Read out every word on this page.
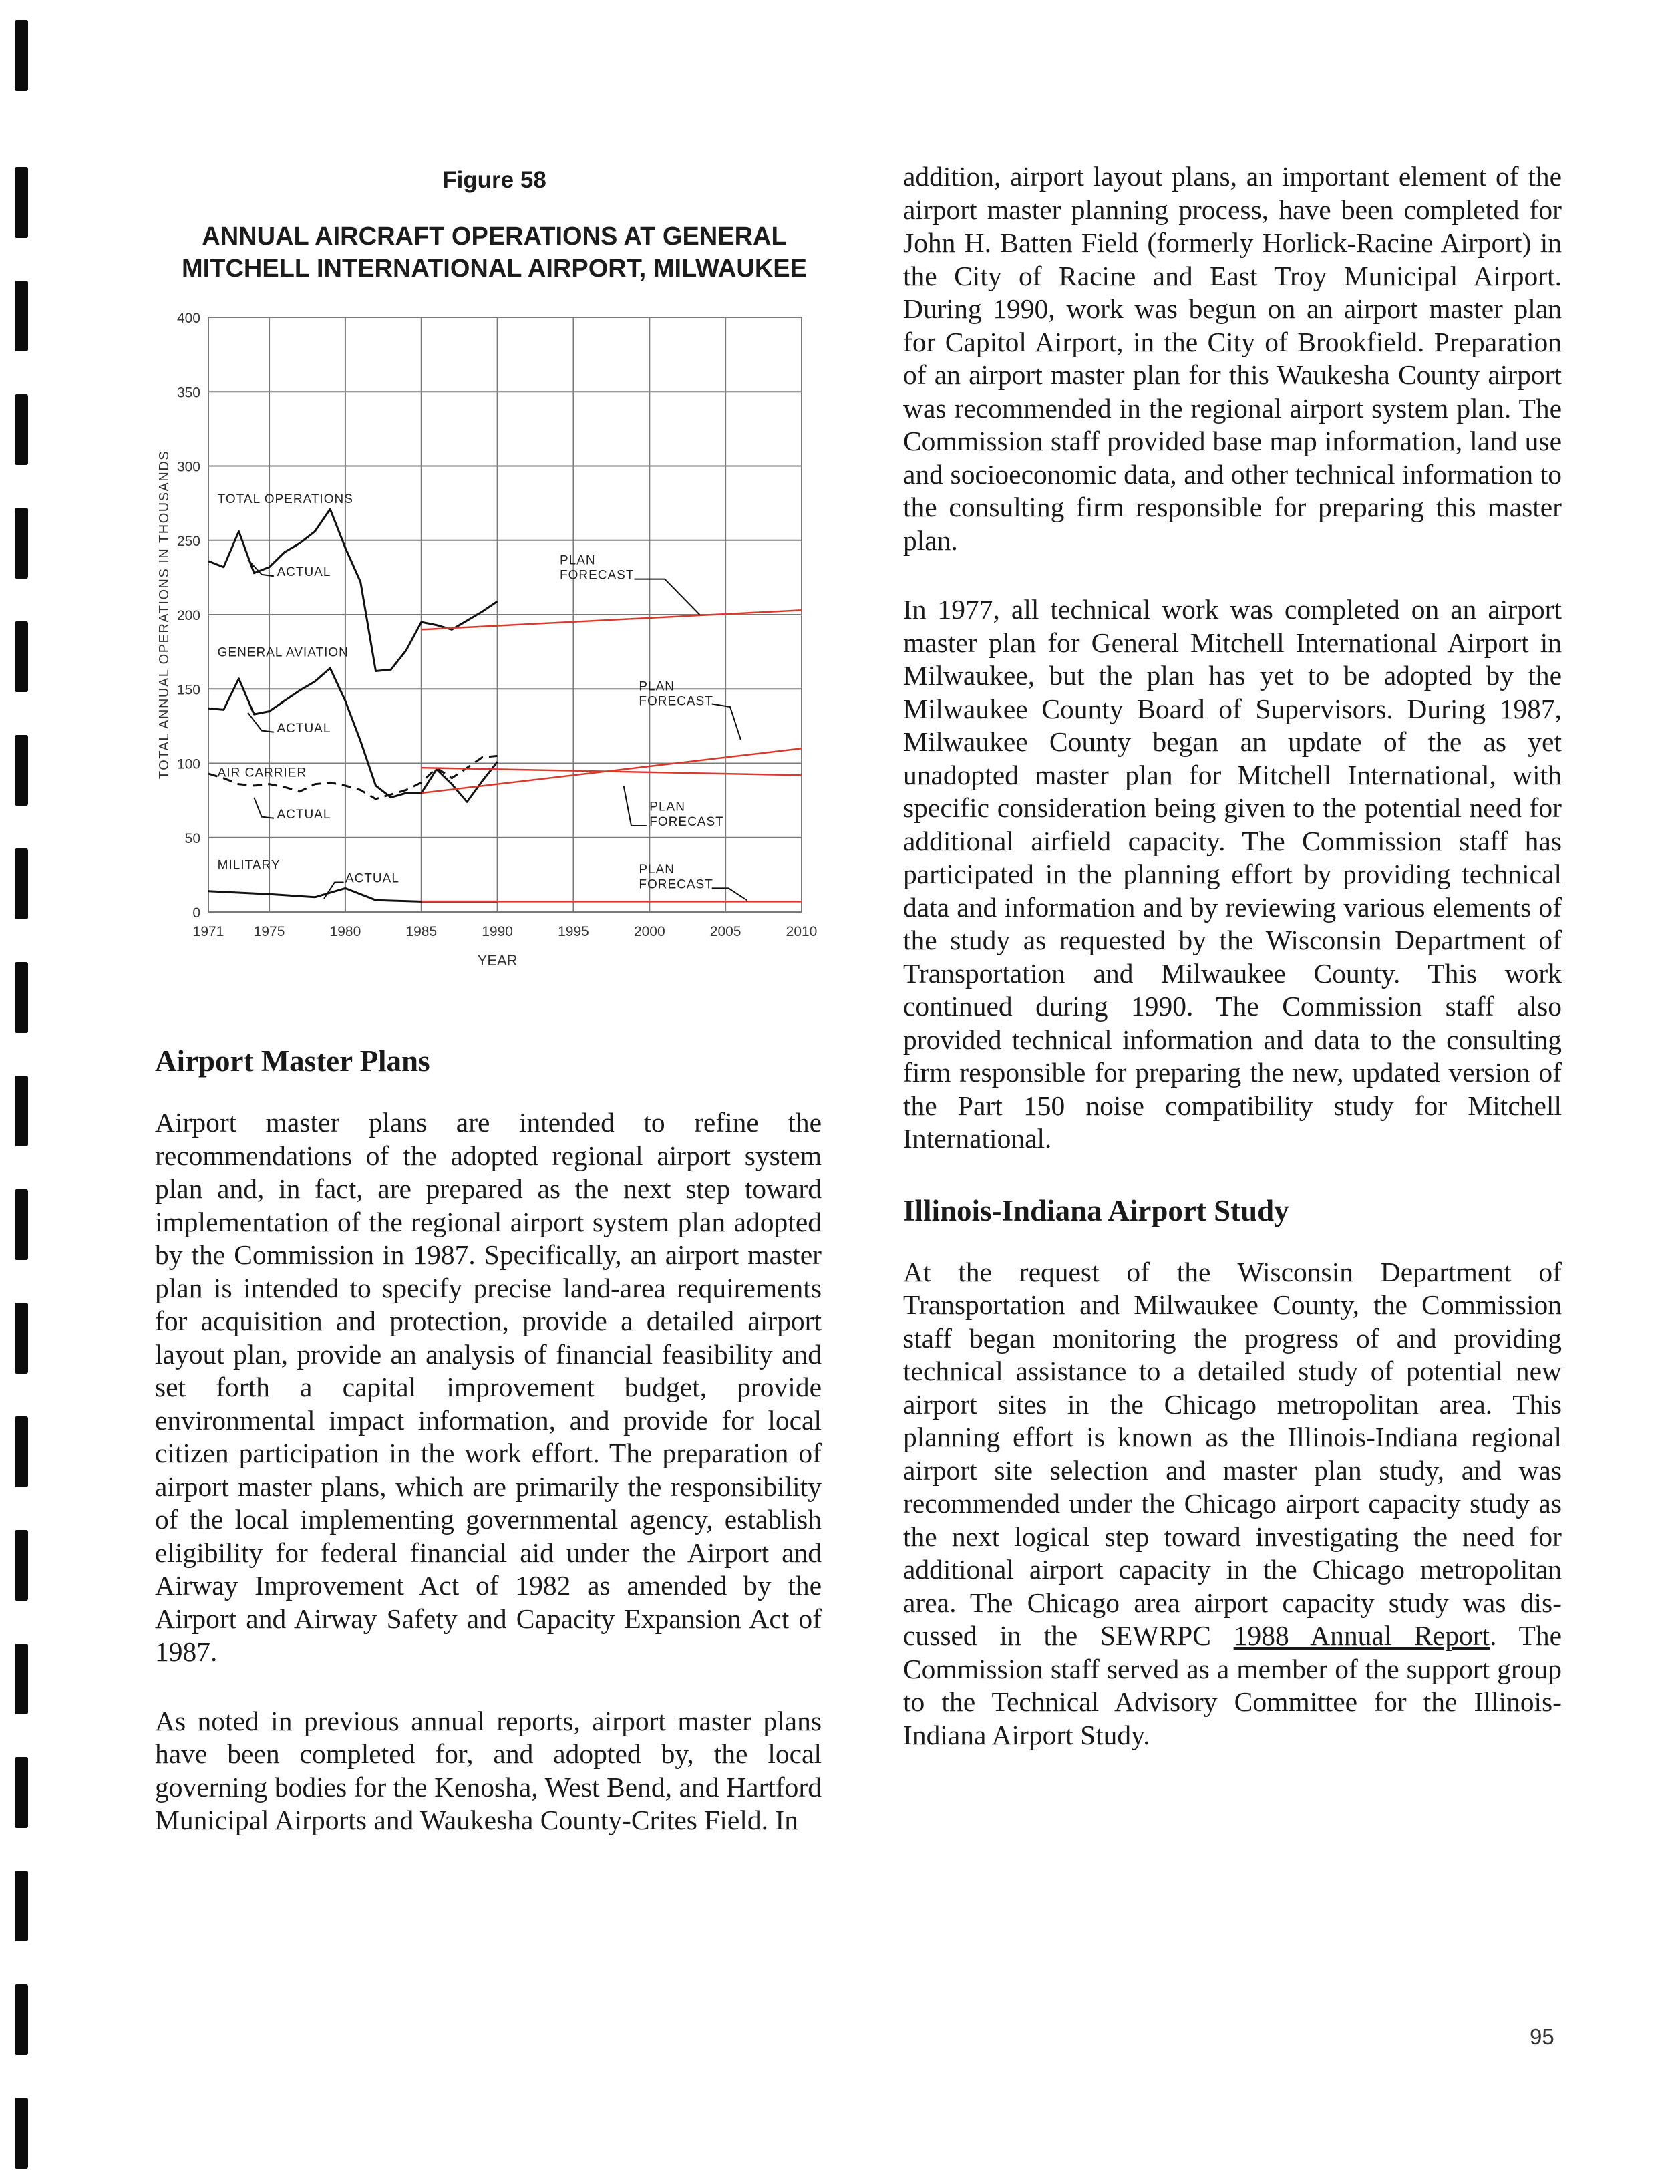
Figure 58
ANNUAL AIRCRAFT OPERATIONS AT GENERAL
MITCHELL INTERNATIONAL AIRPORT, MILWAUKEE
0
50
100
150
200
250
300
350
400
1971 1975	1980	1985	1990	1995	2000	2005	2010
YEAR
TOTAL ANNUAL OPERATIONS IN THOUSANDS	TOTAL OPERATIONS
ACTUAL
GENERAL AVIATION
ACTUAL
AIR CARRIER
ACTUAL
MILITARY
ACTUAL
PLAN
FORECAST
PLAN
FORECAST
PLAN
FORECAST
PLAN
FORECAST
Airport Master Plans

Airport master plans are intended to refine the recommendations of the adopted regional airport system plan and, in fact, are prepared as the next step toward implementation of the regional airport system plan adopted by the Commission in 1987. Specifically, an airport master plan is intended to specify precise land-area requirements for acquisition and protection, provide a detailed airport layout plan, provide an analysis of financial feasibility and set forth a capital improvement budget, provide environmental impact information, and provide for local citizen participation in the work effort. The preparation of airport master plans, which are primarily the responsibility of the local implementing governmental agency, establish eligibility for federal financial aid under the Airport and Airway Improvement Act of 1982 as amended by the Airport and Airway Safety and Capacity Expansion Act of 1987.

As noted in previous annual reports, airport master plans have been completed for, and adopted by, the local governing bodies for the Kenosha, West Bend, and Hartford Municipal Airports and Waukesha County-Crites Field. In

addition, airport layout plans, an important element of the airport master planning process, have been completed for John H. Batten Field (formerly Horlick-Racine Airport) in the City of Racine and East Troy Municipal Airport. During 1990, work was begun on an airport master plan for Capitol Airport, in the City of Brookfield. Preparation of an airport master plan for this Waukesha County airport was recommended in the regional airport system plan. The Commission staff provided base map information, land use and socioeconomic data, and other technical information to the consulting firm responsible for preparing this master plan.

In 1977, all technical work was completed on an airport master plan for General Mitchell International Airport in Milwaukee, but the plan has yet to be adopted by the Milwaukee County Board of Supervisors. During 1987, Milwaukee County began an update of the as yet unadopted master plan for Mitchell International, with specific consideration being given to the potential need for additional airfield capacity. The Commission staff has participated in the planning effort by providing technical data and information and by reviewing various elements of the study as requested by the Wisconsin Department of Transportation and Milwaukee County. This work continued during 1990. The Commission staff also provided technical information and data to the consulting firm responsible for preparing the new, updated version of the Part 150 noise compatibility study for Mitchell International.

Illinois-Indiana Airport Study

At the request of the Wisconsin Department of Transportation and Milwaukee County, the Commission staff began monitoring the progress of and providing technical assistance to a detailed study of potential new airport sites in the Chicago metropolitan area. This planning effort is known as the Illinois-Indiana regional airport site selection and master plan study, and was recommended under the Chicago airport capacity study as the next logical step toward investigating the need for additional airport capacity in the Chicago metropolitan area. The Chicago area airport capacity study was discussed in the SEWRPC 1988 Annual Report. The Commission staff served as a member of the support group to the Technical Advisory Committee for the Illinois-Indiana Airport Study.

95
